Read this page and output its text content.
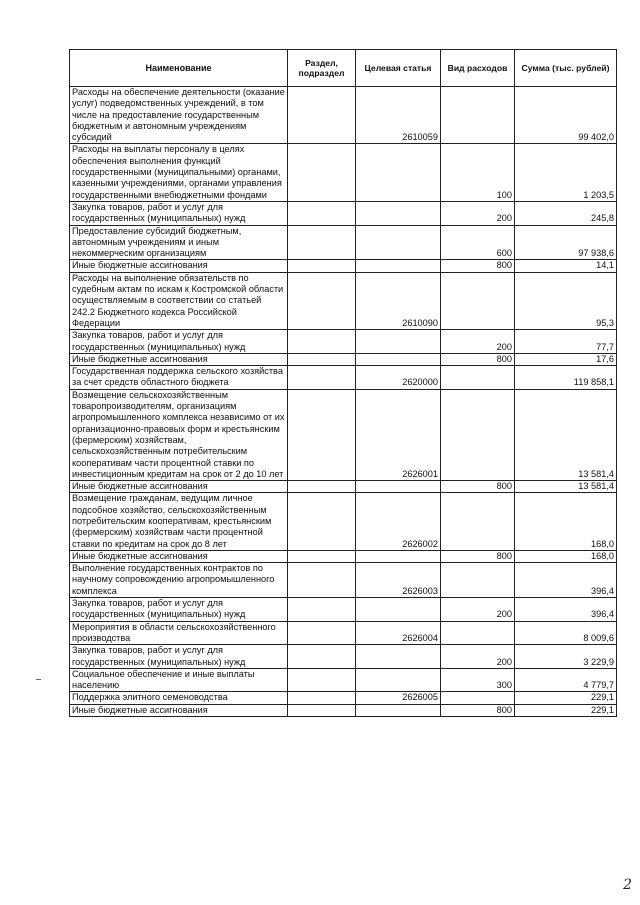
Наименование	Раздел, подраздел	Целевая статья	Вид расходов	Сумма (тыс. рублей)
Расходы на обеспечение деятельности (оказание услуг) подведомственных учреждений, в том числе на предоставление государственным бюджетным и автономным учреждениям субсидий		2610059		99 402,0
Расходы на выплаты персоналу в целях обеспечения выполнения функций государственными (муниципальными) органами, казенными учреждениями, органами управления государственными внебюджетными фондами			100	1 203,5
Закупка товаров, работ и услуг для государственных (муниципальных) нужд			200	245,8
Предоставление субсидий бюджетным, автономным учреждениям и иным некоммерческим организациям			600	97 938,6
Иные бюджетные ассигнования			800	14,1
Расходы на выполнение обязательств по судебным актам по искам к Костромской области осуществляемым в соответствии со статьей 242.2 Бюджетного кодекса Российской Федерации		2610090		95,3
Закупка товаров, работ и услуг для государственных (муниципальных) нужд			200	77,7
Иные бюджетные ассигнования			800	17,6
Государственная поддержка сельского хозяйства за счет средств областного бюджета		2620000		119 858,1
Возмещение сельскохозяйственным товаропроизводителям, организациям агропромышленного комплекса независимо от их организационно-правовых форм и крестьянским (фермерским) хозяйствам, сельскохозяйственным потребительским кооперативам части процентной ставки по инвестиционным кредитам на срок от 2 до 10 лет		2626001		13 581,4
Иные бюджетные ассигнования			800	13 581,4
Возмещение гражданам, ведущим личное подсобное хозяйство, сельскохозяйственным потребительским кооперативам, крестьянским (фермерским) хозяйствам части процентной ставки по кредитам на срок до 8 лет		2626002		168,0
Иные бюджетные ассигнования			800	168,0
Выполнение государственных контрактов по научному сопровождению агропромышленного комплекса		2626003		396,4
Закупка товаров, работ и услуг для государственных (муниципальных) нужд			200	396,4
Мероприятия в области сельскохозяйственного производства		2626004		8 009,6
Закупка товаров, работ и услуг для государственных (муниципальных) нужд			200	3 229,9
Социальное обеспечение и иные выплаты населению			300	4 779,7
Поддержка элитного семеноводства		2626005		229,1
Иные бюджетные ассигнования			800	229,1
2
